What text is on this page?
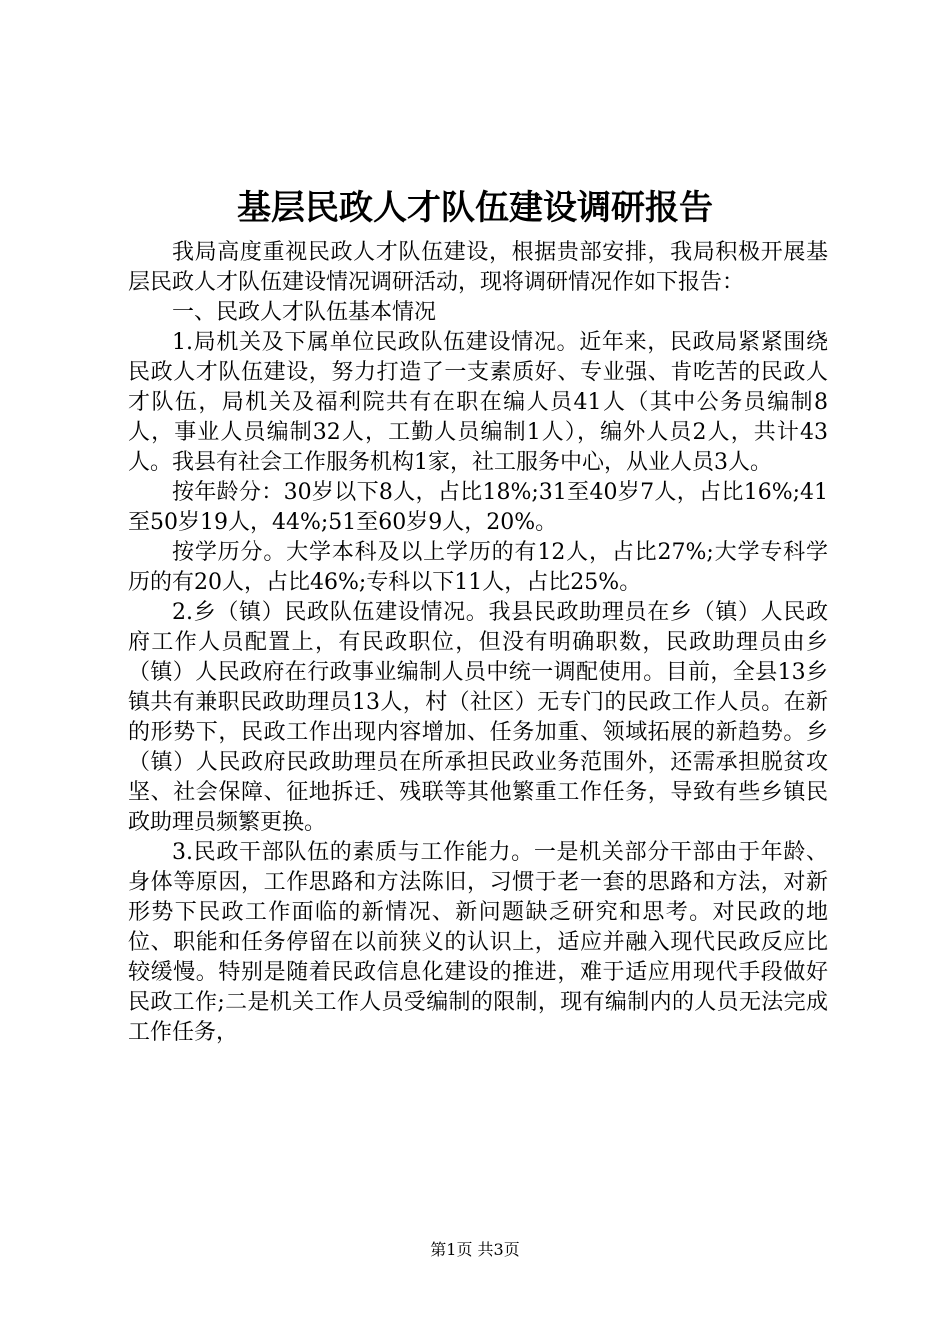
基层民政人才队伍建设调研报告

我局高度重视民政人才队伍建设，根据贵部安排，我局积极开展基层民政人才队伍建设情况调研活动，现将调研情况作如下报告：

一、民政人才队伍基本情况

1.局机关及下属单位民政队伍建设情况。近年来，民政局紧紧围绕民政人才队伍建设，努力打造了一支素质好、专业强、肯吃苦的民政人才队伍，局机关及福利院共有在职在编人员41人（其中公务员编制8人，事业人员编制32人，工勤人员编制1人），编外人员2人，共计43人。我县有社会工作服务机构1家，社工服务中心，从业人员3人。

按年龄分：30岁以下8人，占比18%;31至40岁7人，占比16%;41至50岁19人，44%;51至60岁9人，20%。

按学历分。大学本科及以上学历的有12人，占比27%;大学专科学历的有20人，占比46%;专科以下11人，占比25%。

2.乡（镇）民政队伍建设情况。我县民政助理员在乡（镇）人民政府工作人员配置上，有民政职位，但没有明确职数，民政助理员由乡（镇）人民政府在行政事业编制人员中统一调配使用。目前，全县13乡镇共有兼职民政助理员13人，村（社区）无专门的民政工作人员。在新的形势下，民政工作出现内容增加、任务加重、领域拓展的新趋势。乡（镇）人民政府民政助理员在所承担民政业务范围外，还需承担脱贫攻坚、社会保障、征地拆迁、残联等其他繁重工作任务，导致有些乡镇民政助理员频繁更换。

3.民政干部队伍的素质与工作能力。一是机关部分干部由于年龄、身体等原因，工作思路和方法陈旧，习惯于老一套的思路和方法，对新形势下民政工作面临的新情况、新问题缺乏研究和思考。对民政的地位、职能和任务停留在以前狭义的认识上，适应并融入现代民政反应比较缓慢。特别是随着民政信息化建设的推进，难于适应用现代手段做好民政工作;二是机关工作人员受编制的限制，现有编制内的人员无法完成工作任务，

第1页 共3页
